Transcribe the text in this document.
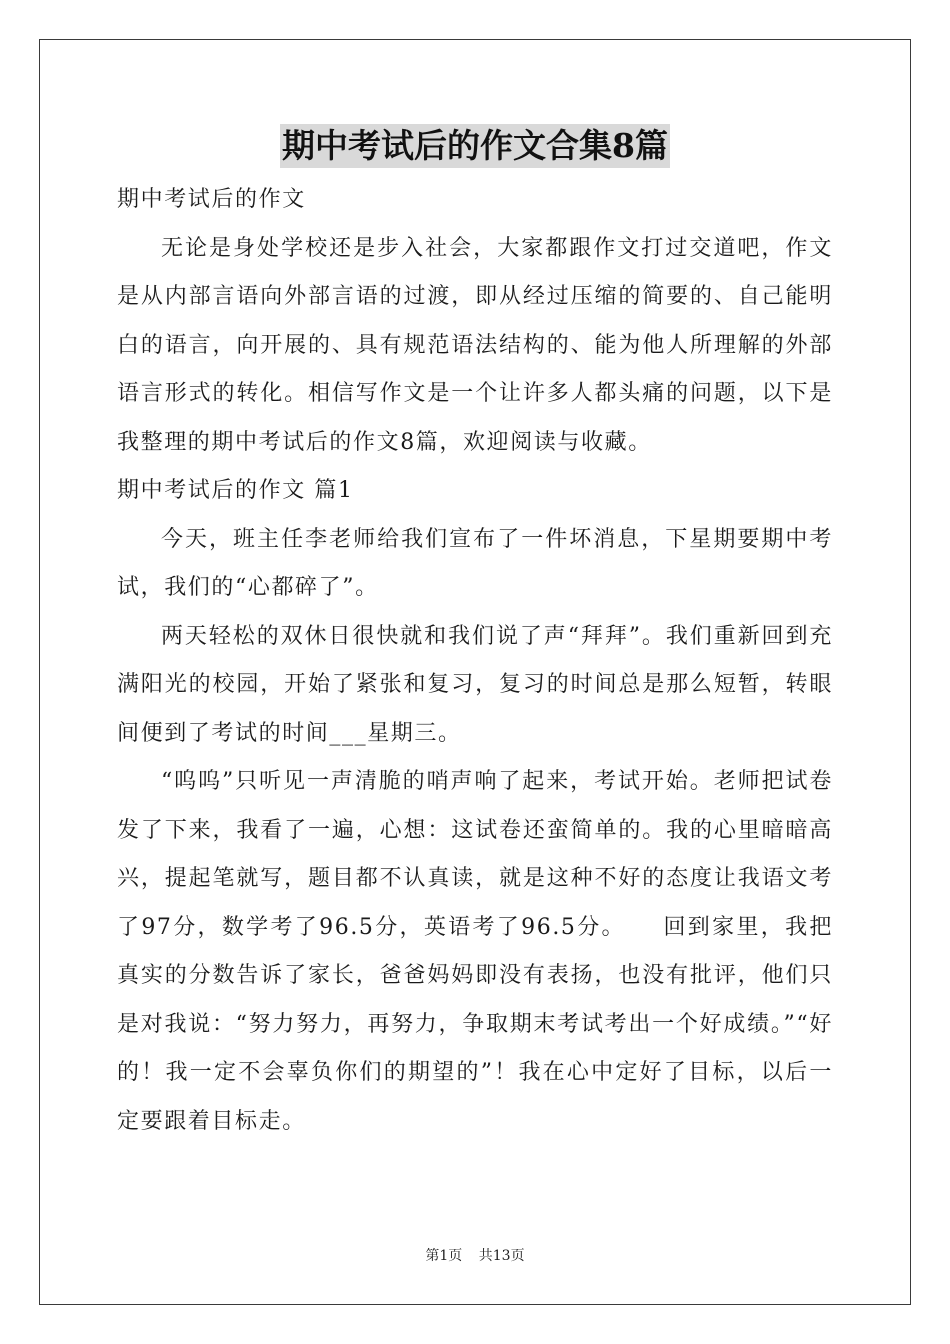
期中考试后的作文合集8篇

期中考试后的作文

无论是身处学校还是步入社会，大家都跟作文打过交道吧，作文是从内部言语向外部言语的过渡，即从经过压缩的简要的、自己能明白的语言，向开展的、具有规范语法结构的、能为他人所理解的外部语言形式的转化。相信写作文是一个让许多人都头痛的问题，以下是我整理的期中考试后的作文8篇，欢迎阅读与收藏。

期中考试后的作文 篇1

今天，班主任李老师给我们宣布了一件坏消息，下星期要期中考试，我们的“心都碎了”。

两天轻松的双休日很快就和我们说了声“拜拜”。我们重新回到充满阳光的校园，开始了紧张和复习，复习的时间总是那么短暂，转眼间便到了考试的时间___星期三。

“呜呜”只听见一声清脆的哨声响了起来，考试开始。老师把试卷发了下来，我看了一遍，心想：这试卷还蛮简单的。我的心里暗暗高兴，提起笔就写，题目都不认真读，就是这种不好的态度让我语文考了97分，数学考了96.5分，英语考了96.5分。　　回到家里，我把真实的分数告诉了家长，爸爸妈妈即没有表扬，也没有批评，他们只是对我说：“努力努力，再努力，争取期末考试考出一个好成绩。”“好的！我一定不会辜负你们的期望的”！我在心中定好了目标，以后一定要跟着目标走。

第1页 共13页
